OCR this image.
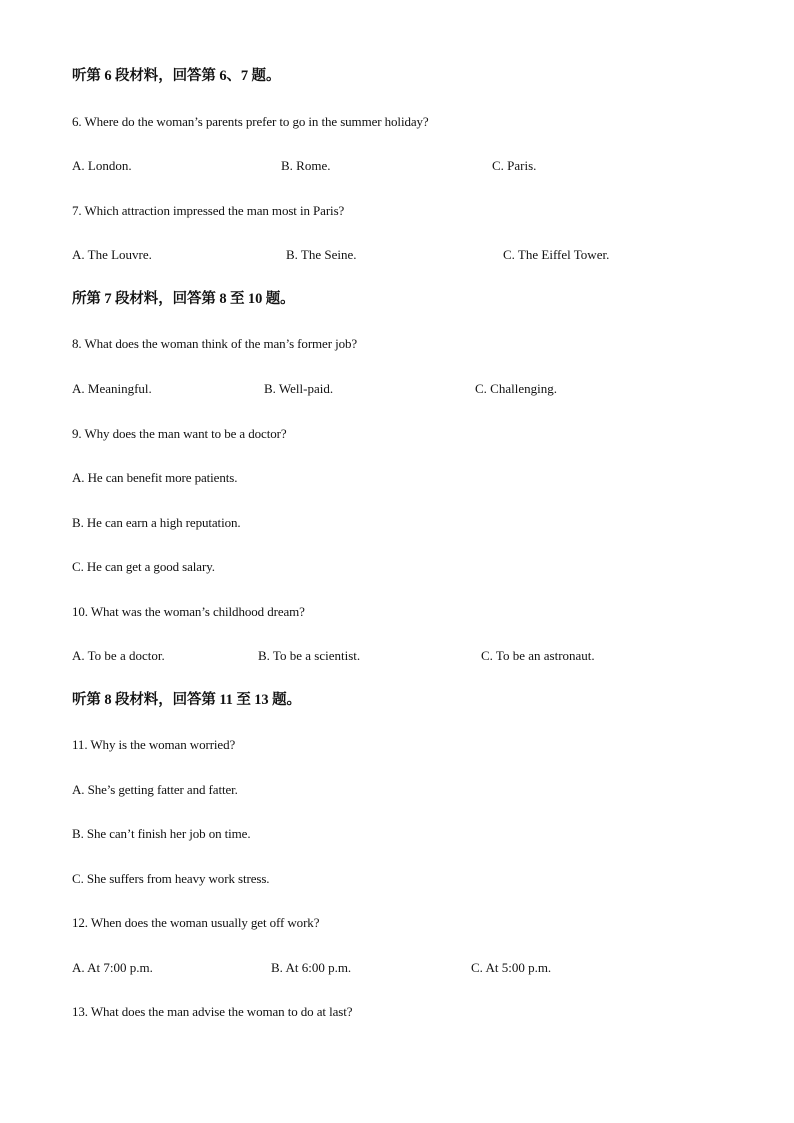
听第 6 段材料，回答第 6、7 题。
6. Where do the woman’s parents prefer to go in the summer holiday?
A. London.	B. Rome.	C. Paris.
7. Which attraction impressed the man most in Paris?
A. The Louvre.	B. The Seine.	C. The Eiffel Tower.
所第 7 段材料，回答第 8 至 10 题。
8. What does the woman think of the man’s former job?
A. Meaningful.	B. Well-paid.	C. Challenging.
9. Why does the man want to be a doctor?
A. He can benefit more patients.
B. He can earn a high reputation.
C. He can get a good salary.
10. What was the woman’s childhood dream?
A. To be a doctor.	B. To be a scientist.	C. To be an astronaut.
听第 8 段材料，回答第 11 至 13 题。
11. Why is the woman worried?
A. She’s getting fatter and fatter.
B. She can’t finish her job on time.
C. She suffers from heavy work stress.
12. When does the woman usually get off work?
A. At 7:00 p.m.	B. At 6:00 p.m.	C. At 5:00 p.m.
13. What does the man advise the woman to do at last?
